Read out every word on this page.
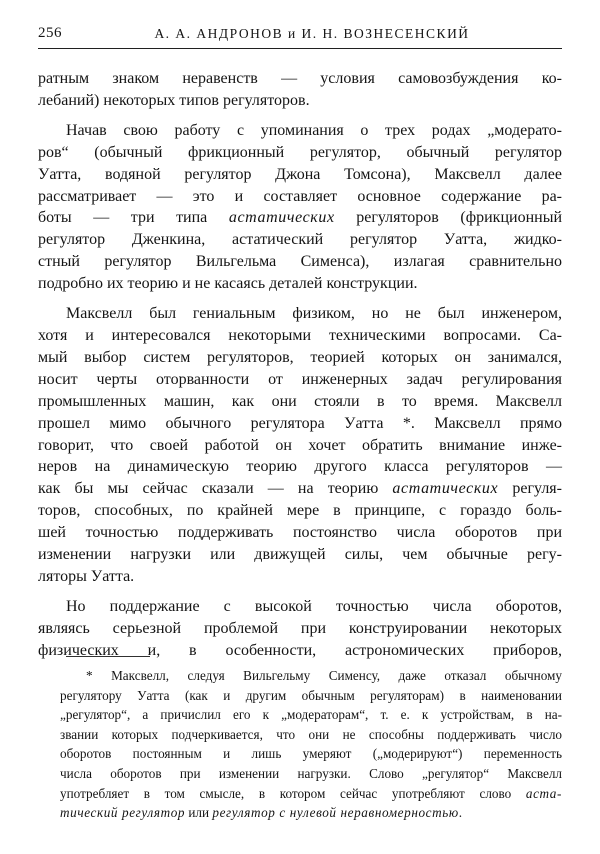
256	А. А. АНДРОНОВ и И. Н. ВОЗНЕСЕНСКИЙ
ратным знаком неравенств — условия самовозбуждения ко-
лебаний) некоторых типов регуляторов.
Начав свою работу с упоминания о трех родах „модерато-
ров“ (обычный фрикционный регулятор, обычный регулятор
Уатта, водяной регулятор Джона Томсона), Максвелл далее
рассматривает — это и составляет основное содержание ра-
боты — три типа астатических регуляторов (фрикционный
регулятор Дженкина, астатический регулятор Уатта, жидко-
стный регулятор Вильгельма Сименса), излагая сравнительно
подробно их теорию и не касаясь деталей конструкции.
Максвелл был гениальным физиком, но не был инженером,
хотя и интересовался некоторыми техническими вопросами. Са-
мый выбор систем регуляторов, теорией которых он занимался,
носит черты оторванности от инженерных задач регулирования
промышленных машин, как они стояли в то время. Максвелл
прошел мимо обычного регулятора Уатта *. Максвелл прямо
говорит, что своей работой он хочет обратить внимание инже-
неров на динамическую теорию другого класса регуляторов —
как бы мы сейчас сказали — на теорию астатических регуля-
торов, способных, по крайней мере в принципе, с гораздо боль-
шей точностью поддерживать постоянство числа оборотов при
изменении нагрузки или движущей силы, чем обычные регу-
ляторы Уатта.
Но поддержание с высокой точностью числа оборотов,
являясь серьезной проблемой при конструировании некоторых
физических и, в особенности, астрономических приборов,
* Максвелл, следуя Вильгельму Сименсу, даже отказал обычному
регулятору Уатта (как и другим обычным регуляторам) в наименовании
„регулятор“, а причислил его к „модераторам“, т. е. к устройствам, в на-
звании которых подчеркивается, что они не способны поддерживать число
оборотов постоянным и лишь умеряют („модерируют“) переменность
числа оборотов при изменении нагрузки. Слово „регулятор“ Максвелл
употребляет в том смысле, в котором сейчас употребляют слово аста-
тический регулятор или регулятор с нулевой неравномерностью.
